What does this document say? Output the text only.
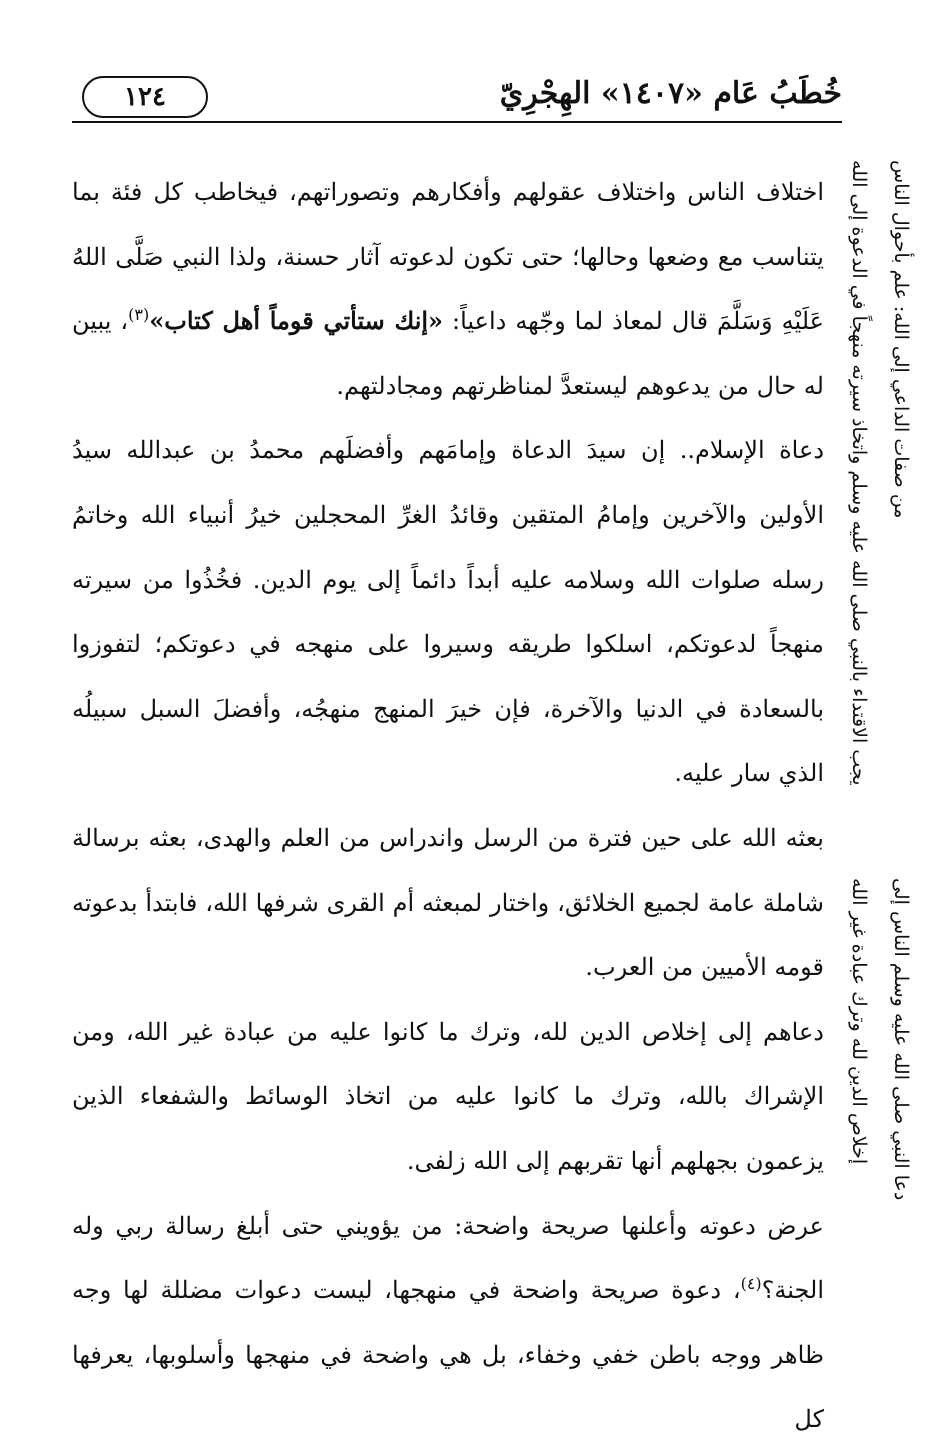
١٢٤	خُطَبُ عَام «١٤٠٧» الهِجْرِيّ
من صفات الداعي إلى الله: علم بأحوال الناس
يجب الاقتداء بالنبي صلى الله عليه وسلم واتخاذ سيرته منهجاً في الدعوة إلى الله
دعا النبي صلى الله عليه وسلم الناس إلى
إخلاص الدين لله وترك عبادة غير الله

اختلاف الناس واختلاف عقولهم وأفكارهم وتصوراتهم، فيخاطب كل فئة بما يتناسب مع وضعها وحالها؛ حتى تكون لدعوته آثار حسنة، ولذا النبي صَلَّى اللهُ عَلَيْهِ وَسَلَّمَ قال لمعاذ لما وجّهه داعياً: «إنك ستأتي قوماً أهل كتاب»$^{(٣)}$، يبين له حال من يدعوهم ليستعدَّ لمناظرتهم ومجادلتهم.

دعاة الإسلام.. إن سيدَ الدعاة وإمامَهم وأفضلَهم محمدُ بن عبدالله سيدُ الأولين والآخرين وإمامُ المتقين وقائدُ الغرِّ المحجلين خيرُ أنبياء الله وخاتمُ رسله صلوات الله وسلامه عليه أبداً دائماً إلى يوم الدين. فخُذُوا من سيرته منهجاً لدعوتكم، اسلكوا طريقه وسيروا على منهجه في دعوتكم؛ لتفوزوا بالسعادة في الدنيا والآخرة، فإن خيرَ المنهج منهجُه، وأفضلَ السبل سبيلُه الذي سار عليه.

بعثه الله على حين فترة من الرسل واندراس من العلم والهدى، بعثه برسالة شاملة عامة لجميع الخلائق، واختار لمبعثه أم القرى شرفها الله، فابتدأ بدعوته قومه الأميين من العرب.

دعاهم إلى إخلاص الدين لله، وترك ما كانوا عليه من عبادة غير الله، ومن الإشراك بالله، وترك ما كانوا عليه من اتخاذ الوسائط والشفعاء الذين يزعمون بجهلهم أنها تقربهم إلى الله زلفى.

عرض دعوته وأعلنها صريحة واضحة: من يؤويني حتى أبلغ رسالة ربي وله الجنة؟$^{(٤)}$، دعوة صريحة واضحة في منهجها، ليست دعوات مضللة لها وجه ظاهر ووجه باطن خفي وخفاء، بل هي واضحة في منهجها وأسلوبها، يعرفها كل
